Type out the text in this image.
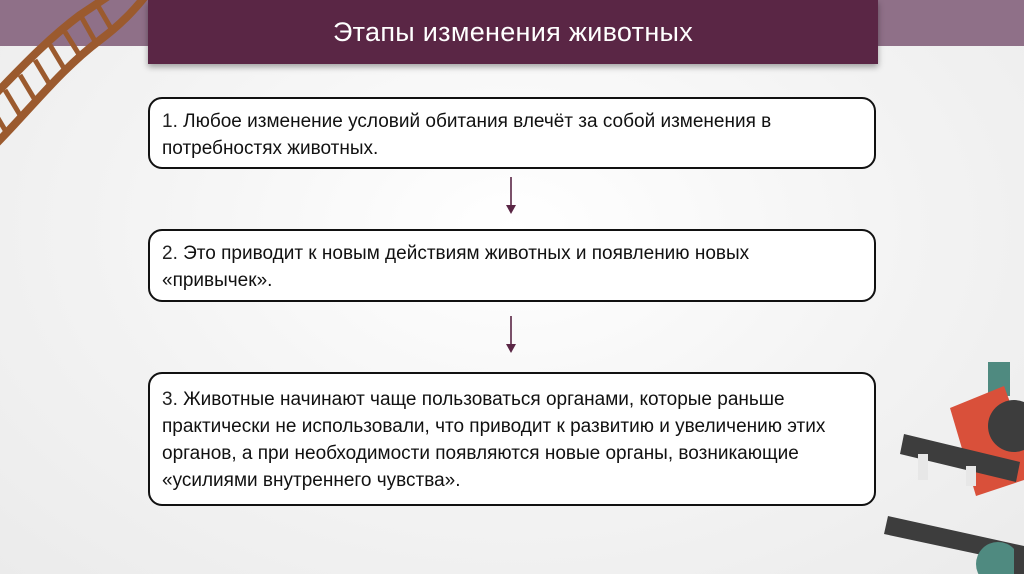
Этапы изменения животных
1. Любое изменение условий обитания влечёт за собой изменения в потребностях животных.
2. Это приводит к новым действиям животных и появлению новых «привычек».
3. Животные начинают чаще пользоваться органами, которые раньше практически не использовали, что приводит к развитию и увеличению этих органов, а при необходимости появляются новые органы, возникающие «усилиями внутреннего чувства».
